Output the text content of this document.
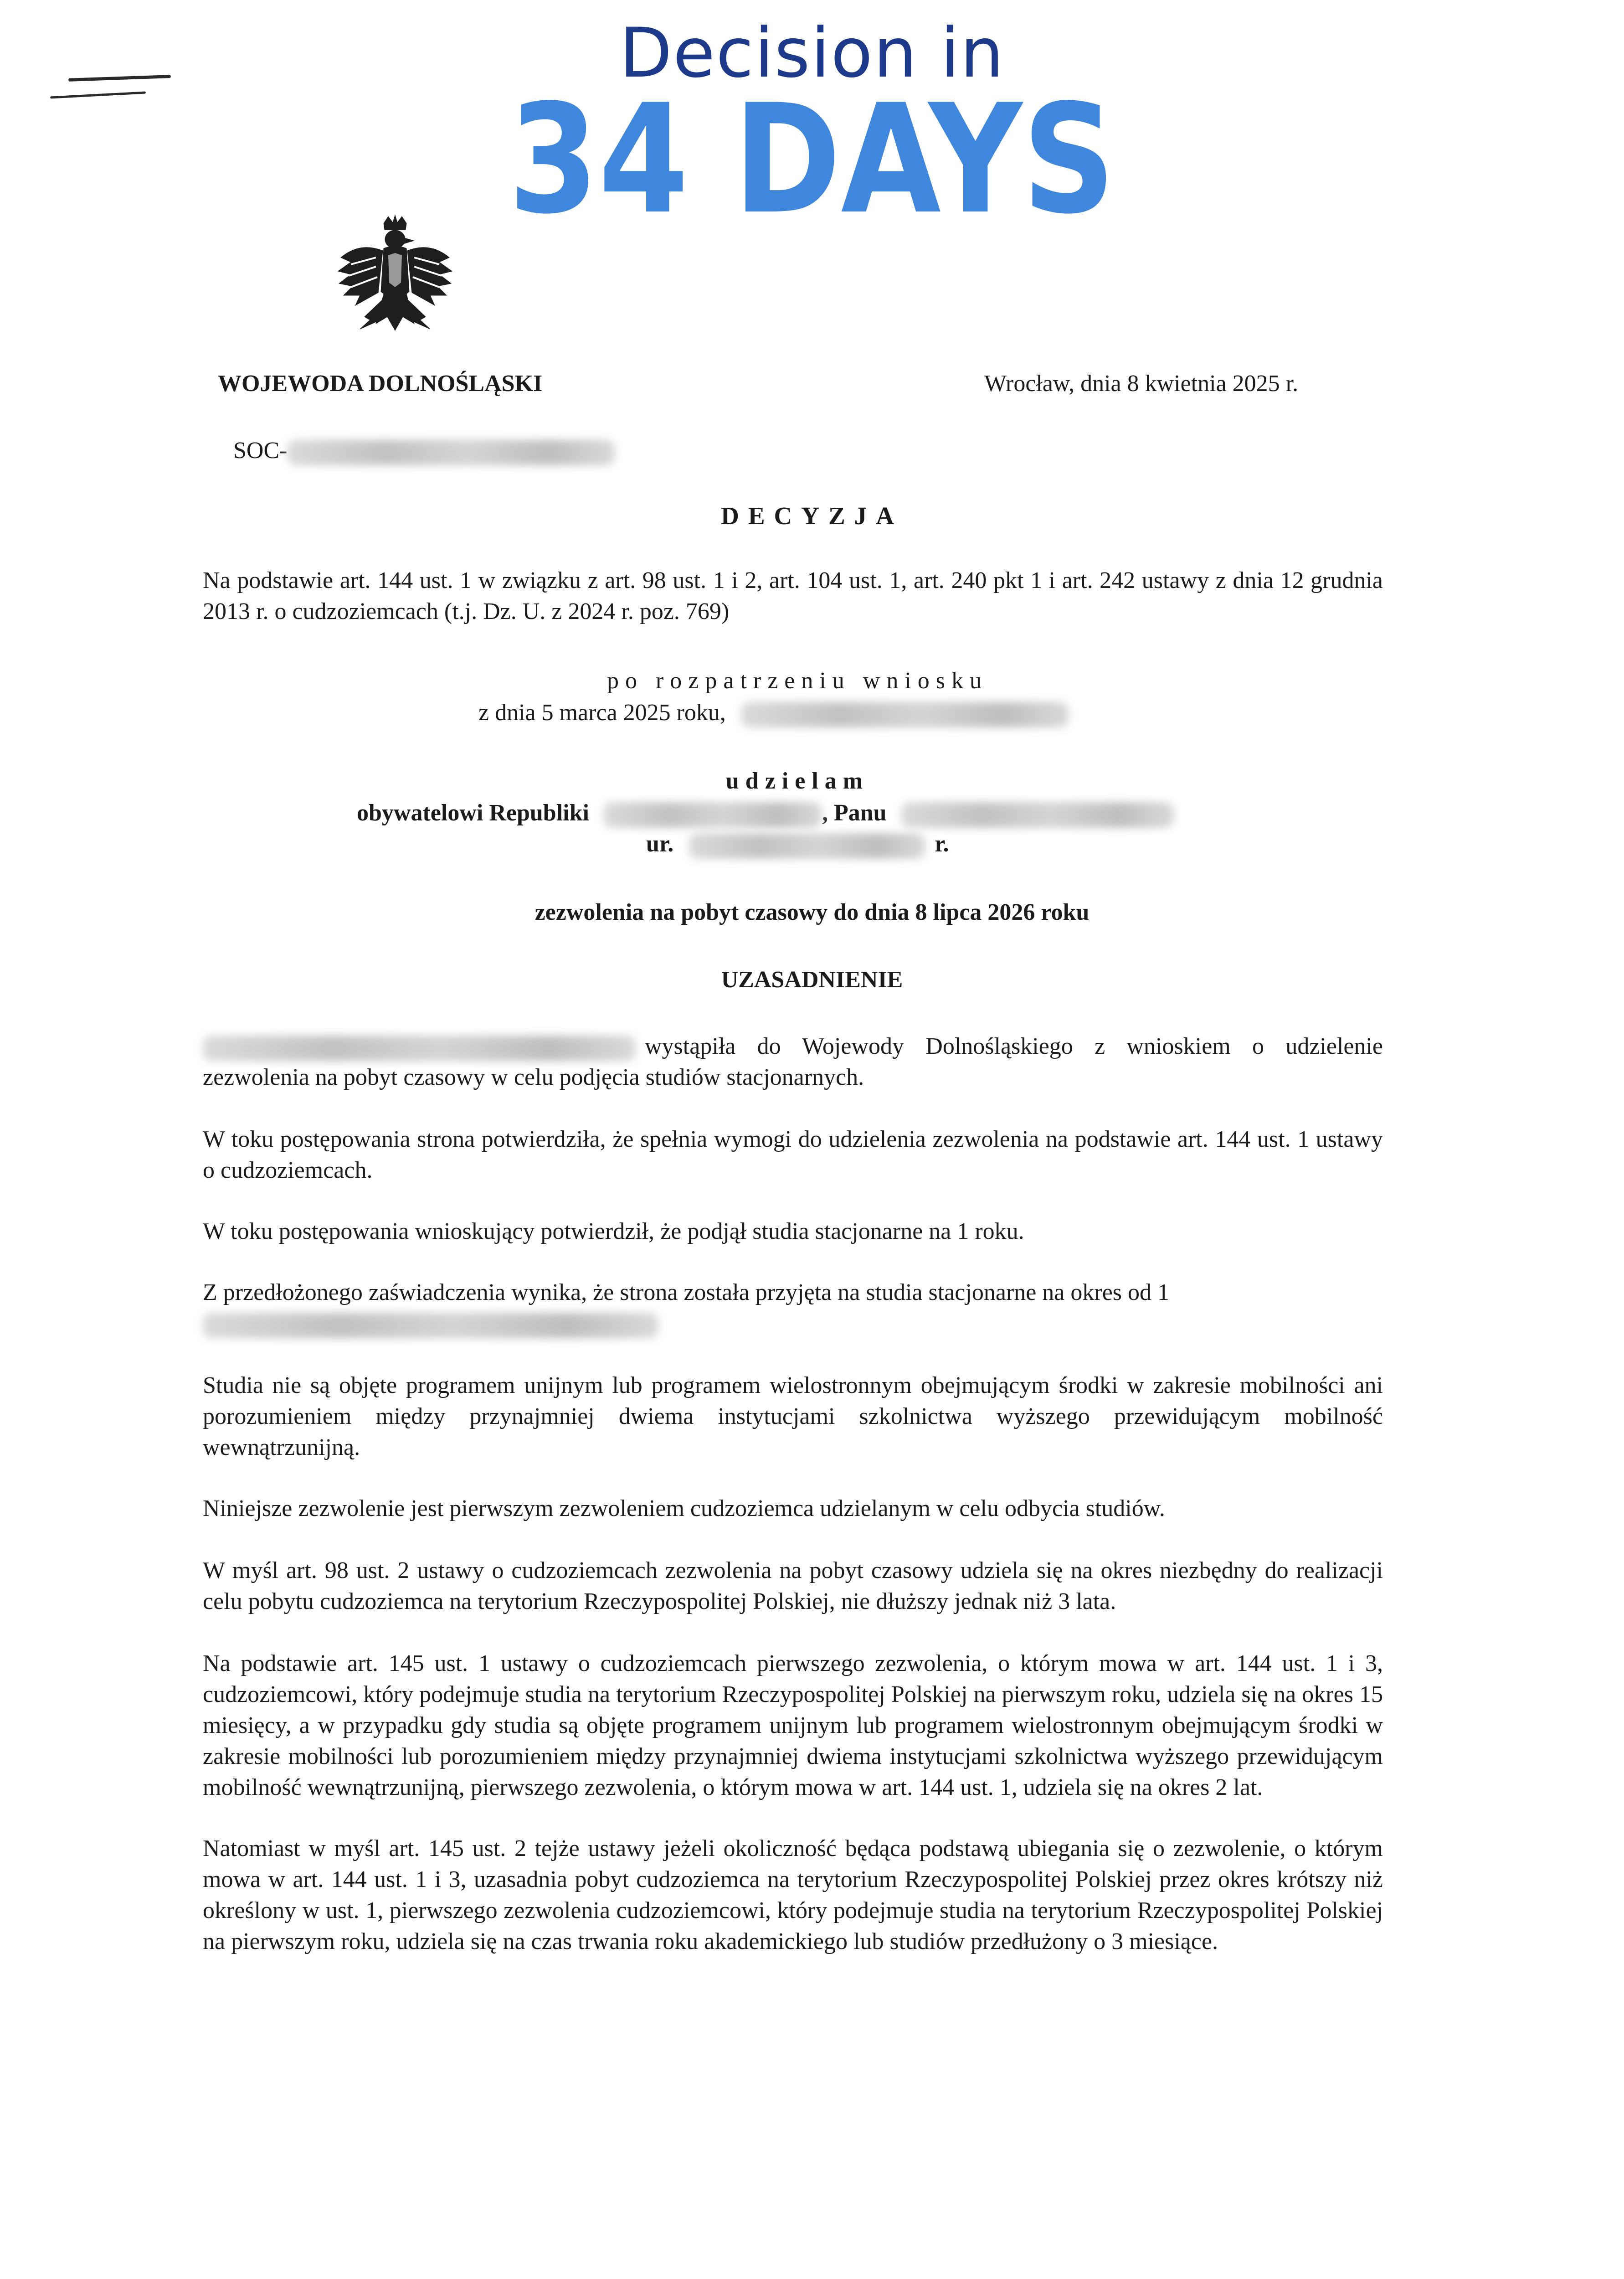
Decision in
34 DAYS
WOJEWODA DOLNOŚLĄSKI	Wrocław, dnia 8 kwietnia 2025 r.
SOC-
DECYZJA
Na podstawie art. 144 ust. 1 w związku z art. 98 ust. 1 i 2, art. 104 ust. 1, art. 240 pkt 1 i art. 242 ustawy z dnia 12 grudnia 2013 r. o cudzoziemcach (t.j. Dz. U. z 2024 r. poz. 769)
po rozpatrzeniu wniosku
z dnia 5 marca 2025 roku,
udzielam
obywatelowi Republiki	, Panu
ur.	r.
zezwolenia na pobyt czasowy do dnia 8 lipca 2026 roku
UZASADNIENIE
wystąpiła do Wojewody Dolnośląskiego z wnioskiem o udzielenie zezwolenia na pobyt czasowy w celu podjęcia studiów stacjonarnych.
W toku postępowania strona potwierdziła, że spełnia wymogi do udzielenia zezwolenia na podstawie art. 144 ust. 1 ustawy o cudzoziemcach.
W toku postępowania wnioskujący potwierdził, że podjął studia stacjonarne na 1 roku.
Z przedłożonego zaświadczenia wynika, że strona została przyjęta na studia stacjonarne na okres od 1

Studia nie są objęte programem unijnym lub programem wielostronnym obejmującym środki w zakresie mobilności ani porozumieniem między przynajmniej dwiema instytucjami szkolnictwa wyższego przewidującym mobilność wewnątrzunijną.
Niniejsze zezwolenie jest pierwszym zezwoleniem cudzoziemca udzielanym w celu odbycia studiów.
W myśl art. 98 ust. 2 ustawy o cudzoziemcach zezwolenia na pobyt czasowy udziela się na okres niezbędny do realizacji celu pobytu cudzoziemca na terytorium Rzeczypospolitej Polskiej, nie dłuższy jednak niż 3 lata.
Na podstawie art. 145 ust. 1 ustawy o cudzoziemcach pierwszego zezwolenia, o którym mowa w art. 144 ust. 1 i 3, cudzoziemcowi, który podejmuje studia na terytorium Rzeczypospolitej Polskiej na pierwszym roku, udziela się na okres 15 miesięcy, a w przypadku gdy studia są objęte programem unijnym lub programem wielostronnym obejmującym środki w zakresie mobilności lub porozumieniem między przynajmniej dwiema instytucjami szkolnictwa wyższego przewidującym mobilność wewnątrzunijną, pierwszego zezwolenia, o którym mowa w art. 144 ust. 1, udziela się na okres 2 lat.
Natomiast w myśl art. 145 ust. 2 tejże ustawy jeżeli okoliczność będąca podstawą ubiegania się o zezwolenie, o którym mowa w art. 144 ust. 1 i 3, uzasadnia pobyt cudzoziemca na terytorium Rzeczypospolitej Polskiej przez okres krótszy niż określony w ust. 1, pierwszego zezwolenia cudzoziemcowi, który podejmuje studia na terytorium Rzeczypospolitej Polskiej na pierwszym roku, udziela się na czas trwania roku akademickiego lub studiów przedłużony o 3 miesiące.
